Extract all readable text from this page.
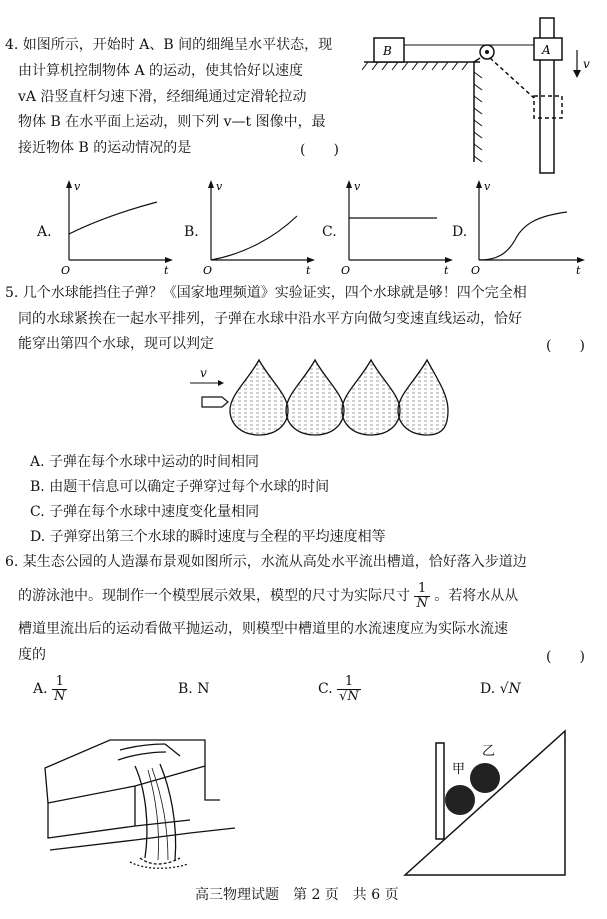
4. 如图所示，开始时 A、B 间的细绳呈水平状态，现
由计算机控制物体 A 的运动，使其恰好以速度
vA 沿竖直杆匀速下滑，经细绳通过定滑轮拉动
物体 B 在水平面上运动，则下列 v—t 图像中，最
接近物体 B 的运动情况的是	(　　)
B	A
v
A.
v
t
O
B.
v
t
O
C.
v
t
O
D.
v
t
O
5. 几个水球能挡住子弹？《国家地理频道》实验证实，四个水球就是够！四个完全相
同的水球紧挨在一起水平排列，子弹在水球中沿水平方向做匀变速直线运动，恰好
能穿出第四个水球，现可以判定	(　　)
v
A. 子弹在每个水球中运动的时间相同
B. 由题干信息可以确定子弹穿过每个水球的时间
C. 子弹在每个水球中速度变化量相同
D. 子弹穿出第三个水球的瞬时速度与全程的平均速度相等
6. 某生态公园的人造瀑布景观如图所示，水流从高处水平流出槽道，恰好落入步道边
的游泳池中。现制作一个模型展示效果，模型的尺寸为实际尺寸 $\frac{1}{N}$ 。若将水从从
槽道里流出后的运动看做平抛运动，则模型中槽道里的水流速度应为实际水流速
度的	(　　)
A. $\frac{1}{N}$	B. N	C. $\frac{1}{√N}$	D. √N
甲
乙
高三物理试题　第 2 页　共 6 页
